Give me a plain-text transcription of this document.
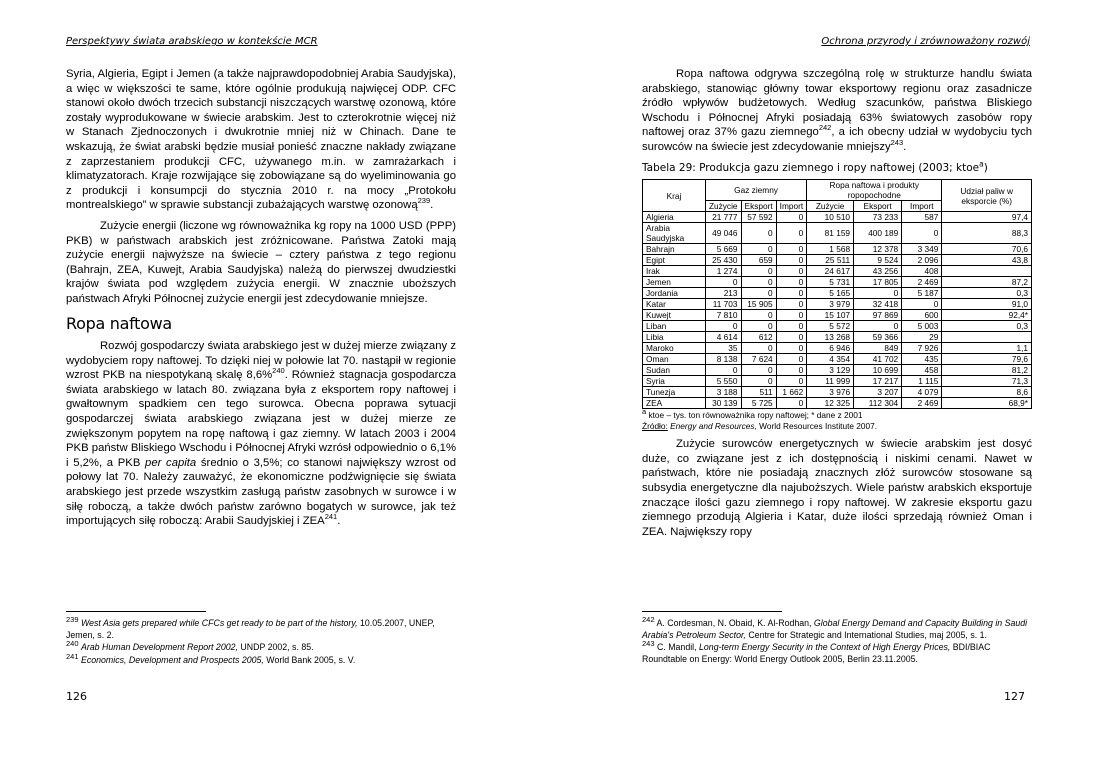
Perspektywy świata arabskiego w kontekście MCR

Syria, Algieria, Egipt i Jemen (a także najprawdopodobniej Arabia Saudyjska), a więc w większości te same, które ogólnie produkują najwięcej ODP. CFC stanowi około dwóch trzecich substancji niszczących warstwę ozonową, które zostały wyprodukowane w świecie arabskim. Jest to czterokrotnie więcej niż w Stanach Zjednoczonych i dwukrotnie mniej niż w Chinach. Dane te wskazują, że świat arabski będzie musiał ponieść znaczne nakłady związane z zaprzestaniem produkcji CFC, używanego m.in. w zamrażarkach i klimatyzatorach. Kraje rozwijające się zobowiązane są do wyeliminowania go z produkcji i konsumpcji do stycznia 2010 r. na mocy „Protokołu montrealskiego” w sprawie substancji zubażających warstwę ozonową$^{239}$.

Zużycie energii (liczone wg równoważnika kg ropy na 1000 USD (PPP) PKB) w państwach arabskich jest zróżnicowane. Państwa Zatoki mają zużycie energii najwyższe na świecie – cztery państwa z tego regionu (Bahrajn, ZEA, Kuwejt, Arabia Saudyjska) należą do pierwszej dwudziestki krajów świata pod względem zużycia energii. W znacznie uboższych państwach Afryki Północnej zużycie energii jest zdecydowanie mniejsze.

Ropa naftowa

Rozwój gospodarczy świata arabskiego jest w dużej mierze związany z wydobyciem ropy naftowej. To dzięki niej w połowie lat 70. nastąpił w regionie wzrost PKB na niespotykaną skalę 8,6%$^{240}$. Również stagnacja gospodarcza świata arabskiego w latach 80. związana była z eksportem ropy naftowej i gwałtownym spadkiem cen tego surowca. Obecna poprawa sytuacji gospodarczej świata arabskiego związana jest w dużej mierze ze zwiększonym popytem na ropę naftową i gaz ziemny. W latach 2003 i 2004 PKB państw Bliskiego Wschodu i Północnej Afryki wzrósł odpowiednio o 6,1% i 5,2%, a PKB per capita średnio o 3,5%; co stanowi największy wzrost od połowy lat 70. Należy zauważyć, że ekonomiczne podźwignięcie się świata arabskiego jest przede wszystkim zasługą państw zasobnych w surowce i w siłę roboczą, a także dwóch państw zarówno bogatych w surowce, jak też importujących siłę roboczą: Arabii Saudyjskiej i ZEA$^{241}$.

$^{239}$ West Asia gets prepared while CFCs get ready to be part of the history, 10.05.2007, UNEP, Jemen, s. 2.

$^{240}$ Arab Human Development Report 2002, UNDP 2002, s. 85.

$^{241}$ Economics, Development and Prospects 2005, World Bank 2005, s. V.

126
Ochrona przyrody i zrównoważony rozwój

Ropa naftowa odgrywa szczególną rolę w strukturze handlu świata arabskiego, stanowiąc główny towar eksportowy regionu oraz zasadnicze źródło wpływów budżetowych. Według szacunków, państwa Bliskiego Wschodu i Północnej Afryki posiadają 63% światowych zasobów ropy naftowej oraz 37% gazu ziemnego$^{242}$, a ich obecny udział w wydobyciu tych surowców na świecie jest zdecydowanie mniejszy$^{243}$.

Tabela 29: Produkcja gazu ziemnego i ropy naftowej (2003; ktoe$^a$)
Kraj	Gaz ziemny			Ropa naftowa i produkty ropopochodne			Udział paliw w eksporcie (%)
	Zużycie	Eksport	Import	Zużycie	Eksport	Import	
Algieria	21 777	57 592	0	10 510	73 233	587	97,4
Arabia Saudyjska	49 046	0	0	81 159	400 189	0	88,3
Bahrajn	5 669	0	0	1 568	12 378	3 349	70,6
Egipt	25 430	659	0	25 511	9 524	2 096	43,8
Irak	1 274	0	0	24 617	43 256	408	
Jemen	0	0	0	5 731	17 805	2 469	87,2
Jordania	213	0	0	5 165	0	5 187	0,3
Katar	11 703	15 905	0	3 979	32 418	0	91,0
Kuwejt	7 810	0	0	15 107	97 869	600	92,4*
Liban	0	0	0	5 572	0	5 003	0,3
Libia	4 614	612	0	13 268	59 366	29	
Maroko	35	0	0	6 946	849	7 926	1,1
Oman	8 138	7 624	0	4 354	41 702	435	79,6
Sudan	0	0	0	3 129	10 699	458	81,2
Syria	5 550	0	0	11 999	17 217	1 115	71,3
Tunezja	3 188	511	1 662	3 976	3 207	4 079	8,6
ZEA	30 139	5 725	0	12 325	112 304	2 469	68,9*
$^a$ ktoe – tys. ton równoważnika ropy naftowej; * dane z 2001
Źródło: Energy and Resources, World Resources Institute 2007.

Zużycie surowców energetycznych w świecie arabskim jest dosyć duże, co związane jest z ich dostępnością i niskimi cenami. Nawet w państwach, które nie posiadają znacznych złóż surowców stosowane są subsydia energetyczne dla najuboższych. Wiele państw arabskich eksportuje znaczące ilości gazu ziemnego i ropy naftowej. W zakresie eksportu gazu ziemnego przodują Algieria i Katar, duże ilości sprzedają również Oman i ZEA. Największy ropy

$^{242}$ A. Cordesman, N. Obaid, K. Al-Rodhan, Global Energy Demand and Capacity Building in Saudi Arabia's Petroleum Sector, Centre for Strategic and International Studies, maj 2005, s. 1.

$^{243}$ C. Mandil, Long-term Energy Security in the Context of High Energy Prices, BDI/BIAC Roundtable on Energy: World Energy Outlook 2005, Berlin 23.11.2005.

127
